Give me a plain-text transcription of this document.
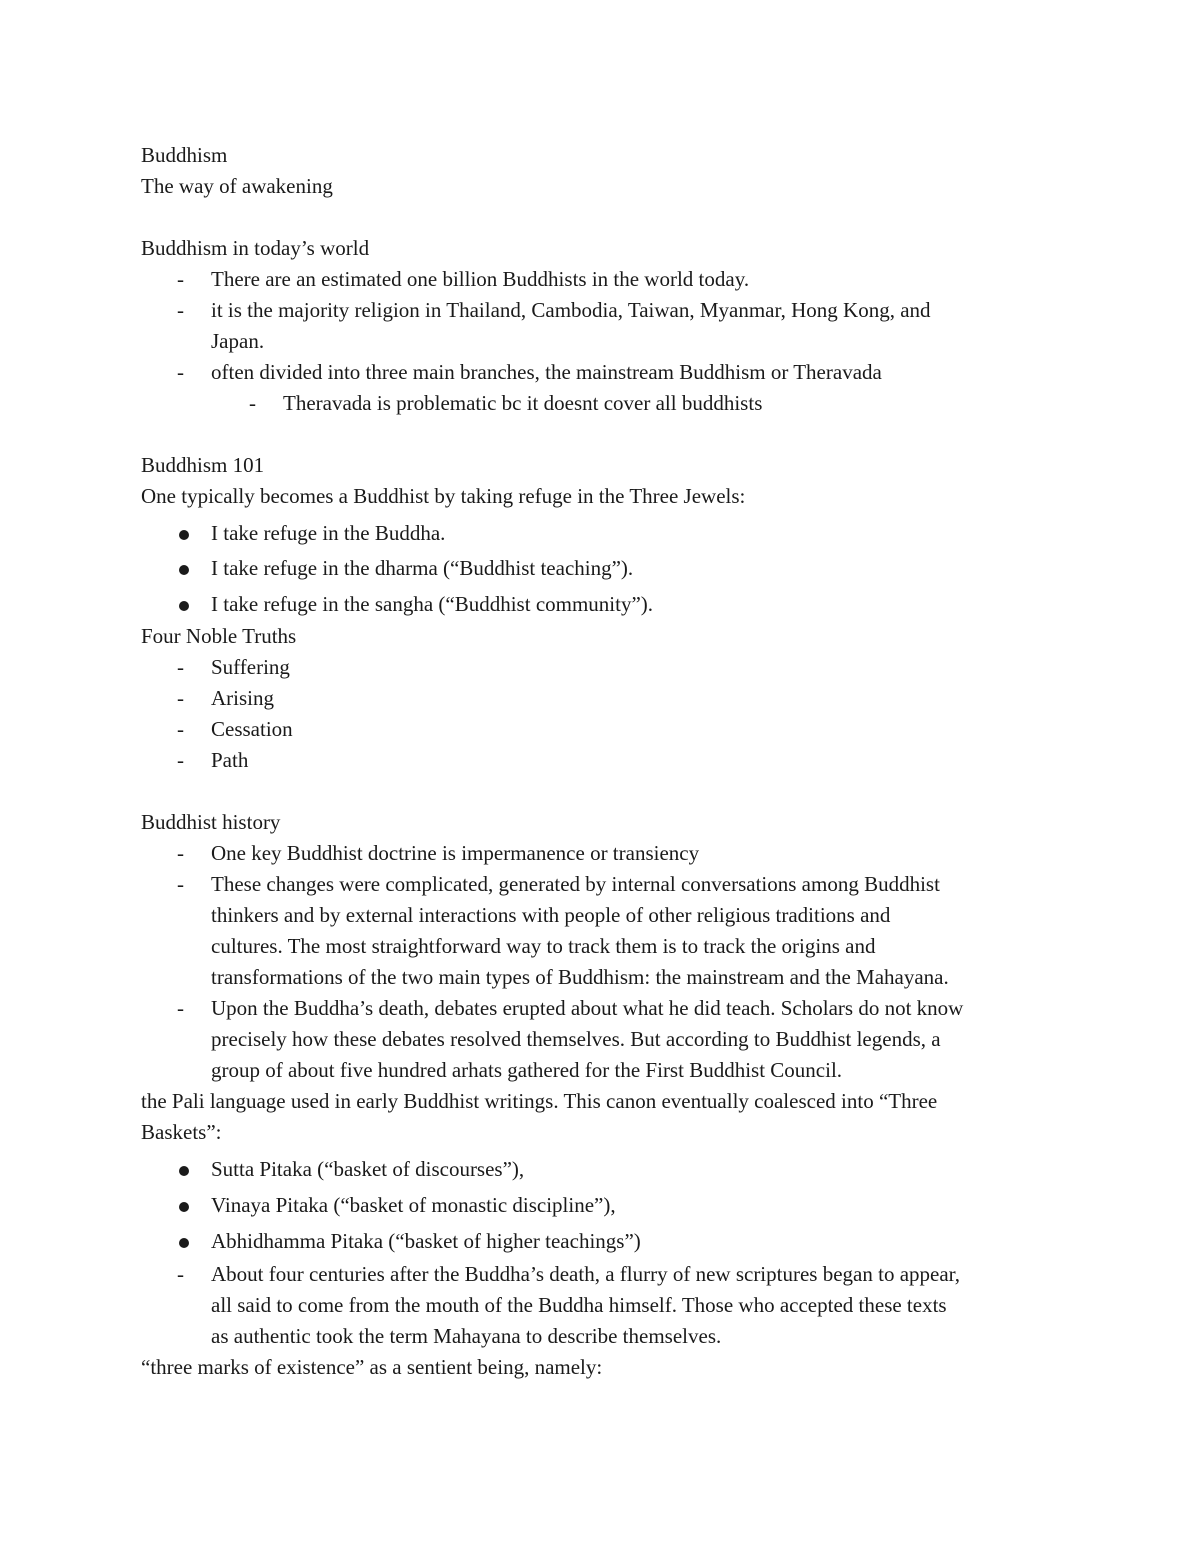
Buddhism
The way of awakening
Buddhism in today’s world
- There are an estimated one billion Buddhists in the world today.
- it is the majority religion in Thailand, Cambodia, Taiwan, Myanmar, Hong Kong, and
Japan.
- often divided into three main branches, the mainstream Buddhism or Theravada
- Theravada is problematic bc it doesnt cover all buddhists
Buddhism 101
One typically becomes a Buddhist by taking refuge in the Three Jewels:
I take refuge in the Buddha.
I take refuge in the dharma (“Buddhist teaching”).
I take refuge in the sangha (“Buddhist community”).
Four Noble Truths
- Suffering
- Arising
- Cessation
- Path
Buddhist history
- One key Buddhist doctrine is impermanence or transiency
- These changes were complicated, generated by internal conversations among Buddhist
thinkers and by external interactions with people of other religious traditions and
cultures. The most straightforward way to track them is to track the origins and
transformations of the two main types of Buddhism: the mainstream and the Mahayana.
- Upon the Buddha’s death, debates erupted about what he did teach. Scholars do not know
precisely how these debates resolved themselves. But according to Buddhist legends, a
group of about five hundred arhats gathered for the First Buddhist Council.
the Pali language used in early Buddhist writings. This canon eventually coalesced into “Three
Baskets”:
Sutta Pitaka (“basket of discourses”),
Vinaya Pitaka (“basket of monastic discipline”),
Abhidhamma Pitaka (“basket of higher teachings”)
- About four centuries after the Buddha’s death, a flurry of new scriptures began to appear,
all said to come from the mouth of the Buddha himself. Those who accepted these texts
as authentic took the term Mahayana to describe themselves.
“three marks of existence” as a sentient being, namely:
